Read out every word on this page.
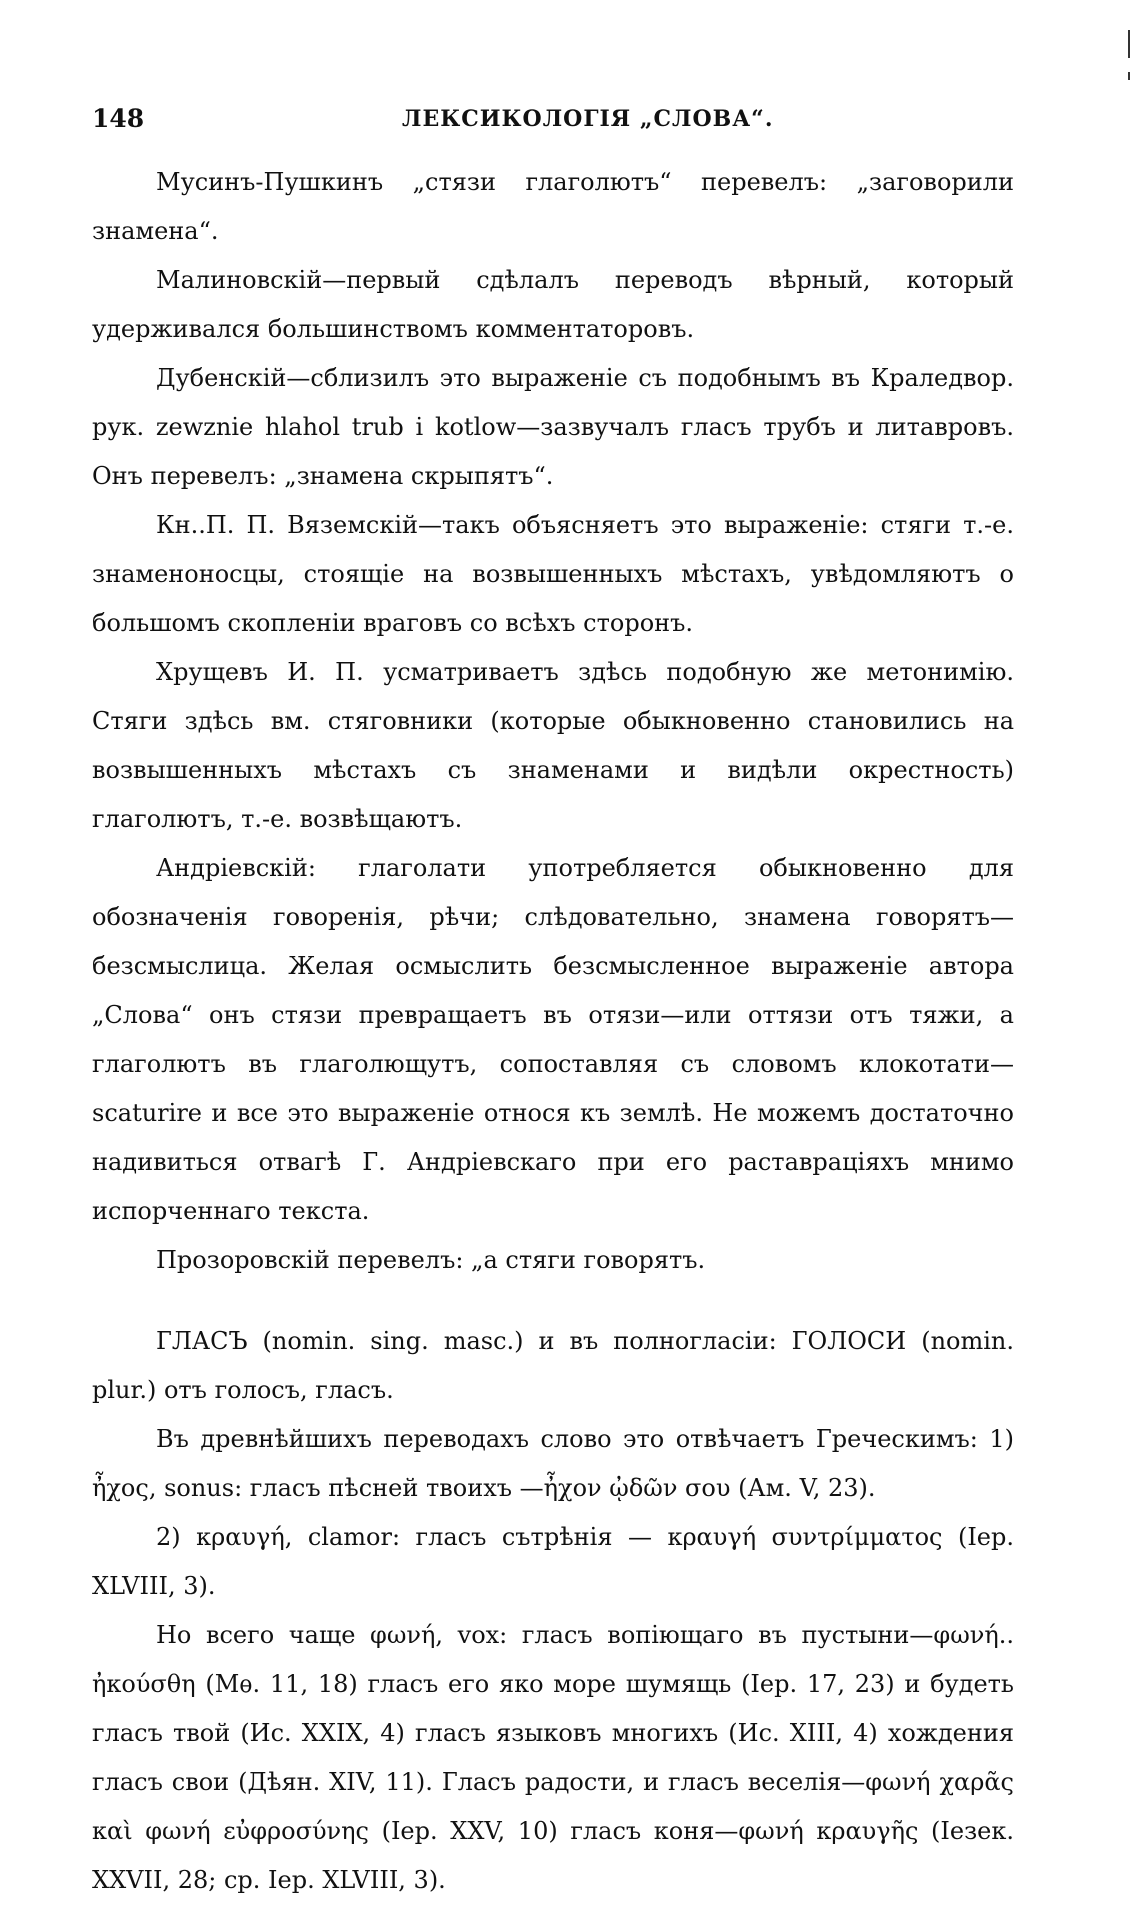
148	ЛЕКСИКОЛОГІЯ „СЛОВА“.

Мусинъ-Пушкинъ „стязи глаголютъ“ перевелъ: „заговорили знамена“.

Малиновскій—первый сдѣлалъ переводъ вѣрный, который удерживался большинствомъ комментаторовъ.

Дубенскій—сблизилъ это выраженіе съ подобнымъ въ Краледвор. рук. zewznie hlahol trub i kotlow—зазвучалъ гласъ трубъ и литавровъ. Онъ перевелъ: „знамена скрыпятъ“.

Кн..П. П. Вяземскій—такъ объясняетъ это выраженіе: стяги т.-е. знаменоносцы, стоящіе на возвышенныхъ мѣстахъ, увѣдомляютъ о большомъ скопленіи враговъ со всѣхъ сторонъ.

Хрущевъ И. П. усматриваетъ здѣсь подобную же метонимію. Стяги здѣсь вм. стяговники (которые обыкновенно становились на возвышенныхъ мѣстахъ съ знаменами и видѣли окрестность) глаголютъ, т.-е. возвѣщаютъ.

Андріевскій: глаголати употребляется обыкновенно для обозначенія говоренія, рѣчи; слѣдовательно, знамена говорятъ—безсмыслица. Желая осмыслить безсмысленное выраженіе автора „Слова“ онъ стязи превращаетъ въ отязи—или оттязи отъ тяжи, а глаголютъ въ глаголющутъ, сопоставляя съ словомъ клокотати—scaturire и все это выраженіе относя къ землѣ. Не можемъ достаточно надивиться отвагѣ Г. Андріевскаго при его раставраціяхъ мнимо испорченнаго текста.

Прозоровскій перевелъ: „а стяги говорятъ.

ГЛАСЪ (nomin. sing. masc.) и въ полногласіи: ГОЛОСИ (nomin. plur.) отъ голосъ, гласъ.

Въ древнѣйшихъ переводахъ слово это отвѣчаетъ Греческимъ: 1) ἦχος, sonus: гласъ пѣсней твоихъ —ἦχον ᾠδῶν σου (Ам. V, 23).

2) κραυγή, clamor: гласъ сътрѣнія — κραυγή συντρίμματος (Iep. XLVIII, 3).

Но всего чаще φωνή, vox: гласъ вопіющаго въ пустыни—φωνή.. ἠκούσθη (Мѳ. 11, 18) гласъ его яко море шумящь (Iep. 17, 23) и будеть гласъ твой (Ис. XXIX, 4) гласъ языковъ многихъ (Ис. XIII, 4) хождения гласъ свои (Дѣян. XIV, 11). Гласъ радости, и гласъ веселія—φωνή χαρᾶς καὶ φωνή εὐφροσύνης (Iep. XXV, 10) гласъ коня—φωνή κραυγῆς (Iезек. XXVII, 28; ср. Iep. XLVIII, 3).
